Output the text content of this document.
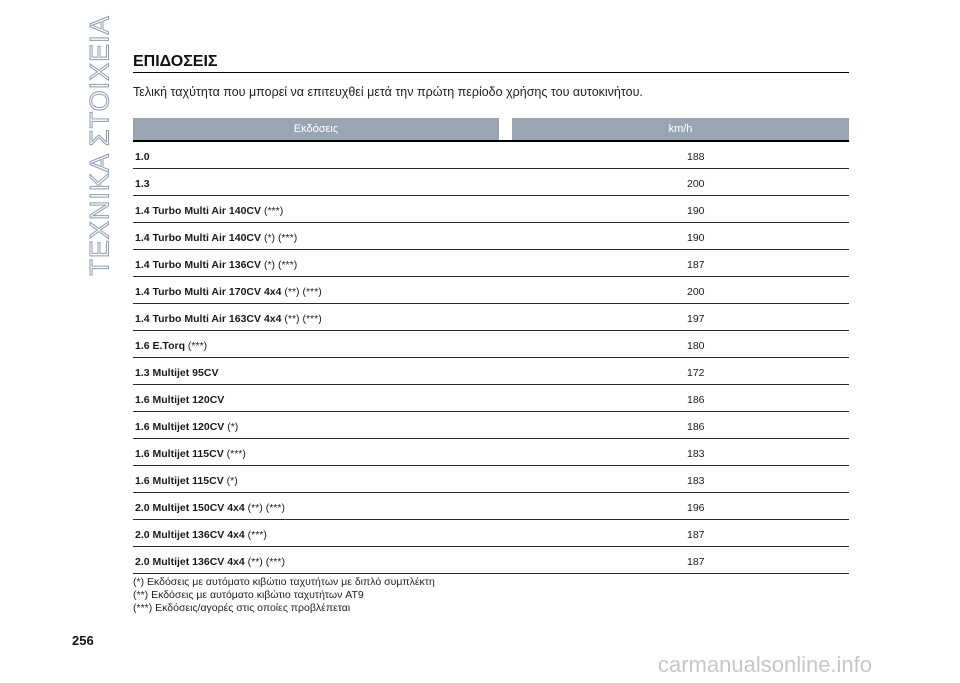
ΤΕΧΝΙΚΑ ΣΤΟΙΧΕΙΑ ΕΠΙΔΟΣΕΙΣ
Τελική ταχύτητα που μπορεί να επιτευχθεί μετά την πρώτη περίοδο χρήσης του αυτοκινήτου.
Εκδόσεις	km/h
1.0	188
1.3	200
1.4 Turbo Multi Air 140CV (***)	190
1.4 Turbo Multi Air 140CV (*) (***)	190
1.4 Turbo Multi Air 136CV (*) (***)	187
1.4 Turbo Multi Air 170CV 4x4 (**) (***)	200
1.4 Turbo Multi Air 163CV 4x4 (**) (***)	197
1.6 E.Torq (***)	180
1.3 Multijet 95CV	172
1.6 Multijet 120CV	186
1.6 Multijet 120CV (*)	186
1.6 Multijet 115CV (***)	183
1.6 Multijet 115CV (*)	183
2.0 Multijet 150CV 4x4 (**) (***)	196
2.0 Multijet 136CV 4x4 (***)	187
2.0 Multijet 136CV 4x4 (**) (***)	187
(*) Εκδόσεις με αυτόματο κιβώτιο ταχυτήτων με διπλό συμπλέκτη
(**) Εκδόσεις με αυτόματο κιβώτιο ταχυτήτων AT9
(***) Εκδόσεις/αγορές στις οποίες προβλέπεται
256
carmanualsonline.info
